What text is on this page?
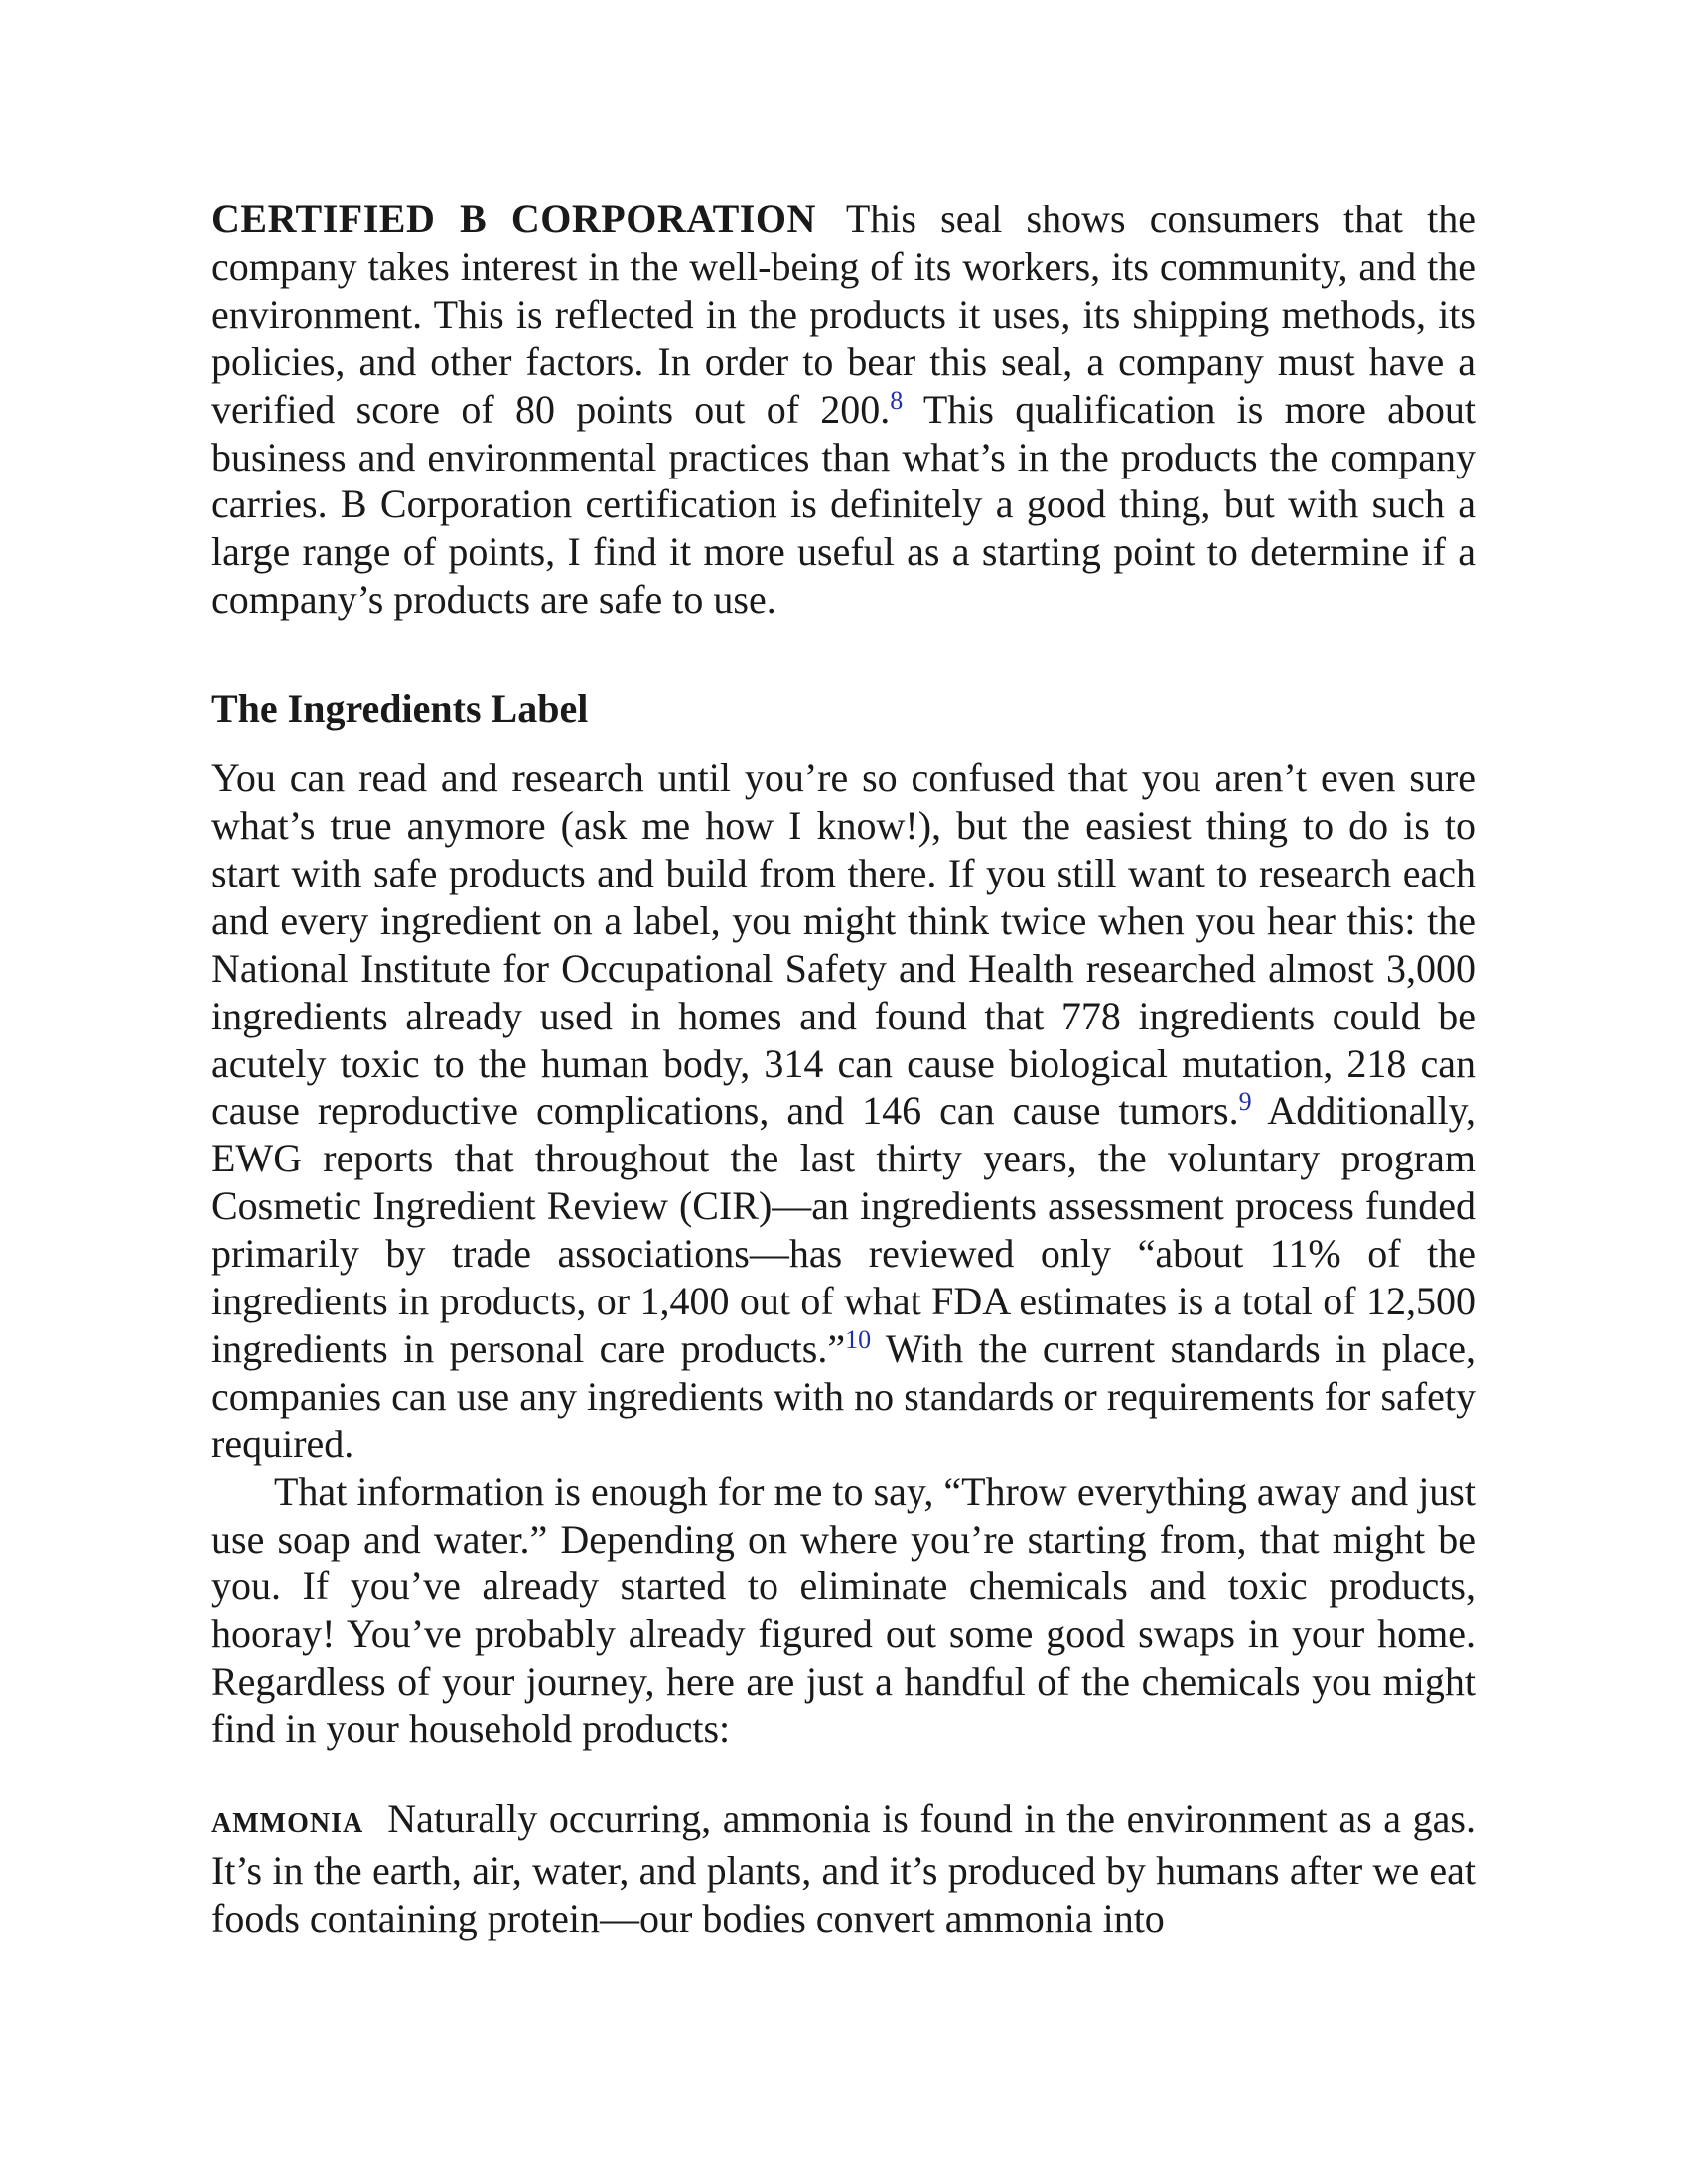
CERTIFIED B CORPORATION This seal shows consumers that the company takes interest in the well-being of its workers, its community, and the environment. This is reflected in the products it uses, its shipping methods, its policies, and other factors. In order to bear this seal, a company must have a verified score of 80 points out of 200.$^8$ This qualification is more about business and environmental practices than what’s in the products the company carries. B Corporation certification is definitely a good thing, but with such a large range of points, I find it more useful as a starting point to determine if a company’s products are safe to use.

The Ingredients Label

You can read and research until you’re so confused that you aren’t even sure what’s true anymore (ask me how I know!), but the easiest thing to do is to start with safe products and build from there. If you still want to research each and every ingredient on a label, you might think twice when you hear this: the National Institute for Occupational Safety and Health researched almost 3,000 ingredients already used in homes and found that 778 ingredients could be acutely toxic to the human body, 314 can cause biological mutation, 218 can cause reproductive complications, and 146 can cause tumors.$^9$ Additionally, EWG reports that throughout the last thirty years, the voluntary program Cosmetic Ingredient Review (CIR)—an ingredients assessment process funded primarily by trade associations—has reviewed only “about 11% of the ingredients in products, or 1,400 out of what FDA estimates is a total of 12,500 ingredients in personal care products.”$^{10}$ With the current standards in place, companies can use any ingredients with no standards or requirements for safety required.

That information is enough for me to say, “Throw everything away and just use soap and water.” Depending on where you’re starting from, that might be you. If you’ve already started to eliminate chemicals and toxic products, hooray! You’ve probably already figured out some good swaps in your home. Regardless of your journey, here are just a handful of the chemicals you might find in your household products:

AMMONIA Naturally occurring, ammonia is found in the environment as a gas. It’s in the earth, air, water, and plants, and it’s produced by humans after we eat foods containing protein—our bodies convert ammonia into
